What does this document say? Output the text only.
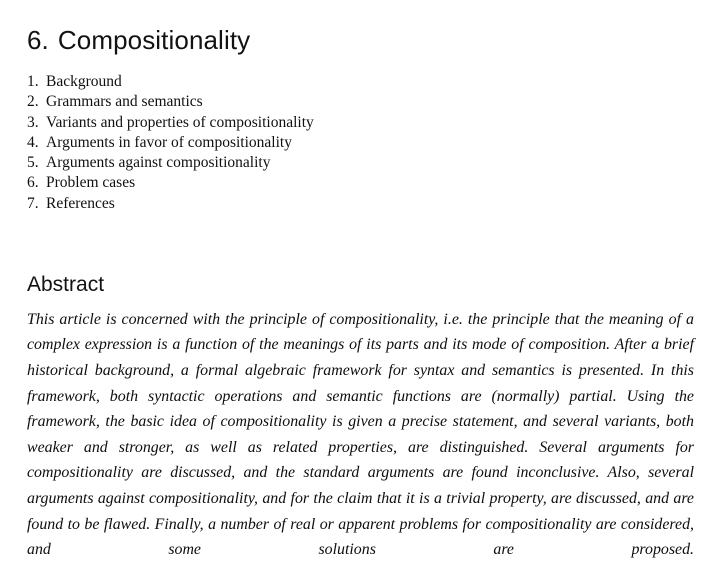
6. Compositionality
1. Background
2. Grammars and semantics
3. Variants and properties of compositionality
4. Arguments in favor of compositionality
5. Arguments against compositionality
6. Problem cases
7. References
Abstract

This article is concerned with the principle of compositionality, i.e. the principle that the meaning of a complex expression is a function of the meanings of its parts and its mode of composition. After a brief historical background, a formal algebraic framework for syntax and semantics is presented. In this framework, both syntactic operations and semantic functions are (normally) partial. Using the framework, the basic idea of compositionality is given a precise statement, and several variants, both weaker and stronger, as well as related properties, are distinguished. Several arguments for compositionality are discussed, and the standard arguments are found inconclusive. Also, several arguments against compositionality, and for the claim that it is a trivial property, are discussed, and are found to be flawed. Finally, a number of real or apparent problems for compositionality are considered, and some solutions are proposed.
